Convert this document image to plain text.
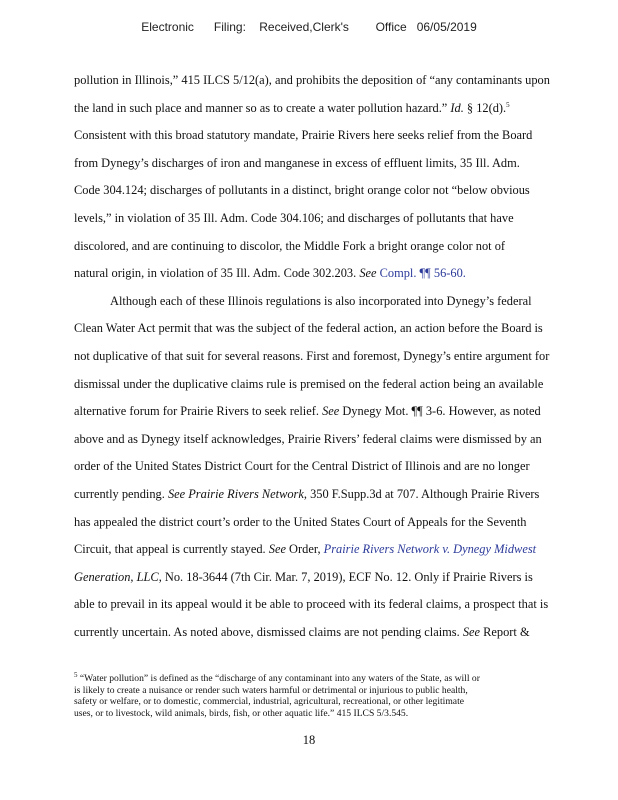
Electronic      Filing:    Received,Clerk's        Office   06/05/2019
pollution in Illinois,” 415 ILCS 5/12(a), and prohibits the deposition of “any contaminants upon
the land in such place and manner so as to create a water pollution hazard.” Id. § 12(d).$^5$
Consistent with this broad statutory mandate, Prairie Rivers here seeks relief from the Board
from Dynegy’s discharges of iron and manganese in excess of effluent limits, 35 Ill. Adm.
Code 304.124; discharges of pollutants in a distinct, bright orange color not “below obvious
levels,” in violation of 35 Ill. Adm. Code 304.106; and discharges of pollutants that have
discolored, and are continuing to discolor, the Middle Fork a bright orange color not of
natural origin, in violation of 35 Ill. Adm. Code 302.203. See Compl. ¶¶ 56-60.
Although each of these Illinois regulations is also incorporated into Dynegy’s federal
Clean Water Act permit that was the subject of the federal action, an action before the Board is
not duplicative of that suit for several reasons. First and foremost, Dynegy’s entire argument for
dismissal under the duplicative claims rule is premised on the federal action being an available
alternative forum for Prairie Rivers to seek relief. See Dynegy Mot. ¶¶ 3-6. However, as noted
above and as Dynegy itself acknowledges, Prairie Rivers’ federal claims were dismissed by an
order of the United States District Court for the Central District of Illinois and are no longer
currently pending. See Prairie Rivers Network, 350 F.Supp.3d at 707. Although Prairie Rivers
has appealed the district court’s order to the United States Court of Appeals for the Seventh
Circuit, that appeal is currently stayed. See Order, Prairie Rivers Network v. Dynegy Midwest
Generation, LLC, No. 18-3644 (7th Cir. Mar. 7, 2019), ECF No. 12. Only if Prairie Rivers is
able to prevail in its appeal would it be able to proceed with its federal claims, a prospect that is
currently uncertain. As noted above, dismissed claims are not pending claims. See Report &
$^5$ “Water pollution” is defined as the “discharge of any contaminant into any waters of the State, as will or
is likely to create a nuisance or render such waters harmful or detrimental or injurious to public health,
safety or welfare, or to domestic, commercial, industrial, agricultural, recreational, or other legitimate
uses, or to livestock, wild animals, birds, fish, or other aquatic life.” 415 ILCS 5/3.545.
18
